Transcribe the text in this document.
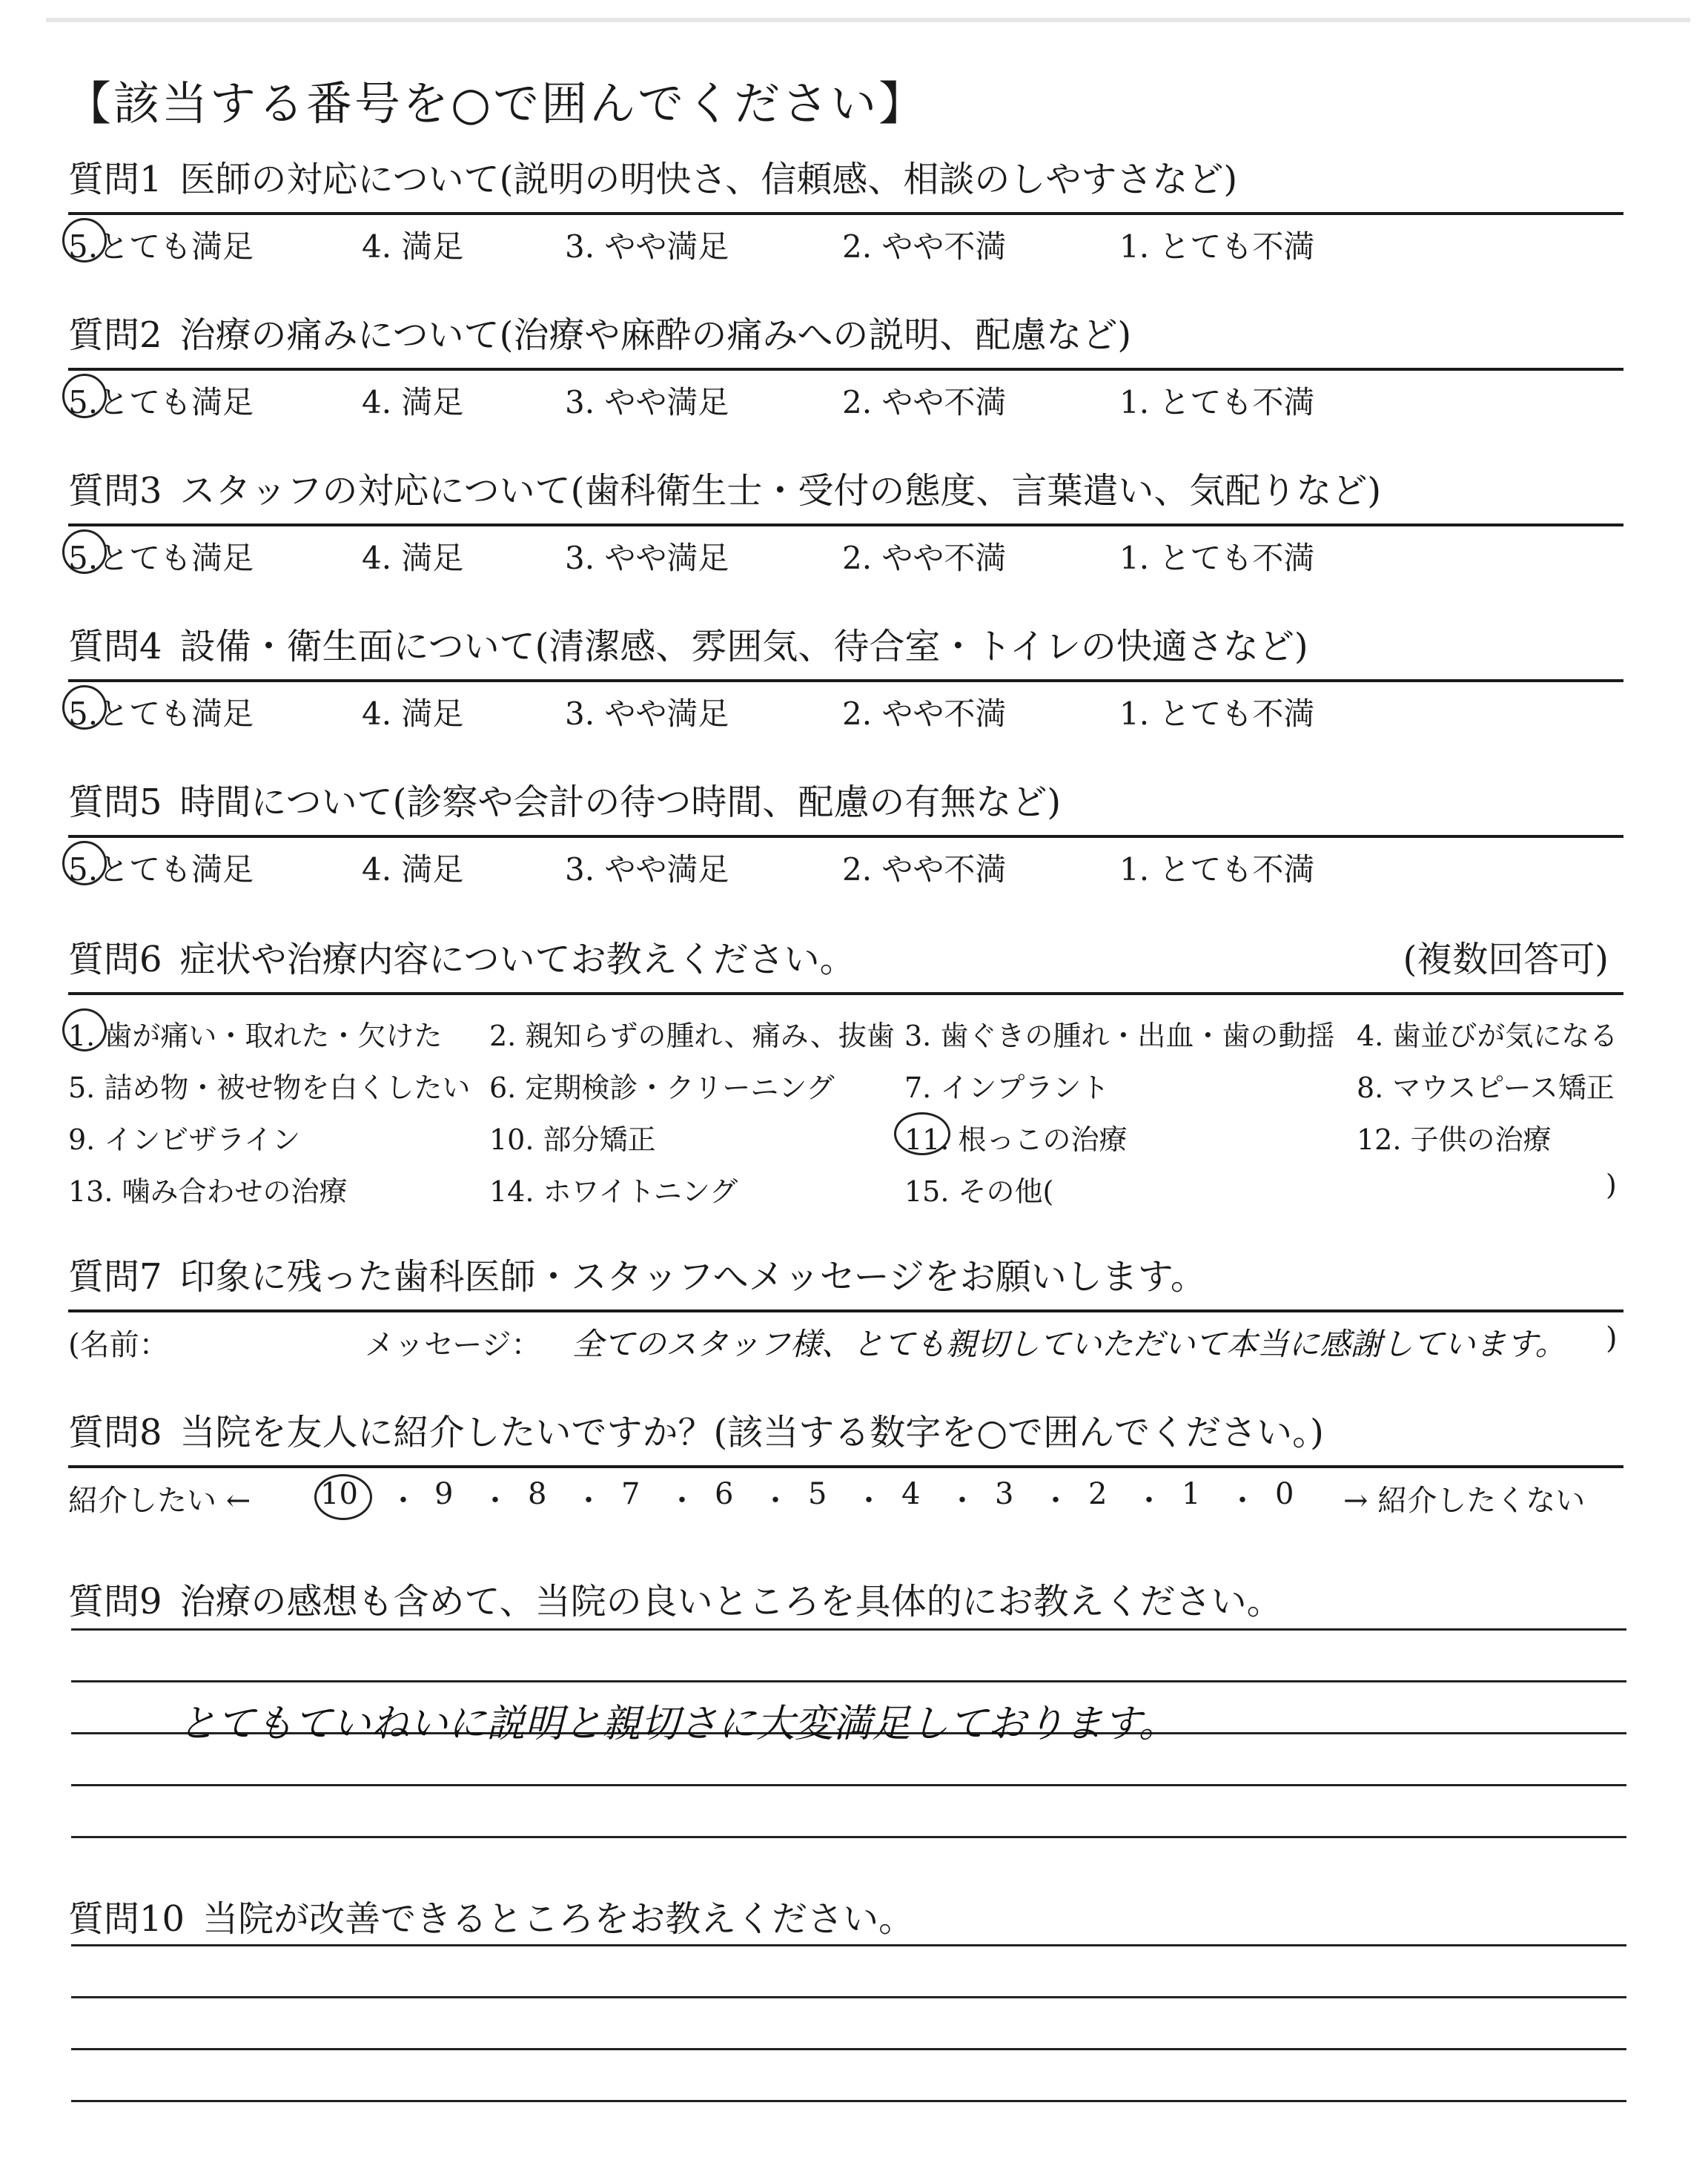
【該当する番号を○で囲んでください】
質問1 医師の対応について(説明の明快さ、信頼感、相談のしやすさなど)
5.とても満足	4. 満足	3. やや満足	2. やや不満	1. とても不満
質問2 治療の痛みについて(治療や麻酔の痛みへの説明、配慮など)
5.とても満足	4. 満足	3. やや満足	2. やや不満	1. とても不満
質問3 スタッフの対応について(歯科衛生士・受付の態度、言葉遣い、気配りなど)
5.とても満足	4. 満足	3. やや満足	2. やや不満	1. とても不満
質問4 設備・衛生面について(清潔感、雰囲気、待合室・トイレの快適さなど)
5.とても満足	4. 満足	3. やや満足	2. やや不満	1. とても不満
質問5 時間について(診察や会計の待つ時間、配慮の有無など)
5.とても満足	4. 満足	3. やや満足	2. やや不満	1. とても不満
質問6 症状や治療内容についてお教えください。	(複数回答可)
1. 歯が痛い・取れた・欠けた 2. 親知らずの腫れ、痛み、抜歯 3. 歯ぐきの腫れ・出血・歯の動揺 4. 歯並びが気になる
5. 詰め物・被せ物を白くしたい 6. 定期検診・クリーニング 7. インプラント	8. マウスピース矯正
9. インビザライン	10. 部分矯正	11. 根っこの治療	12. 子供の治療
13. 噛み合わせの治療	14. ホワイトニング	15. その他(	)
質問7 印象に残った歯科医師・スタッフへメッセージをお願いします。
(名前：	メッセージ： 全てのスタッフ様、とても親切していただいて本当に感謝しています。 )
質問8 当院を友人に紹介したいですか？(該当する数字を○で囲んでください。)
紹介したい ← 10 ・ 9 ・ 8 ・ 7 ・ 6 ・ 5 ・ 4 ・ 3 ・ 2 ・ 1 ・ 0 → 紹介したくない
質問9 治療の感想も含めて、当院の良いところを具体的にお教えください。
とてもていねいに説明と親切さに大変満足しております。
質問10 当院が改善できるところをお教えください。
